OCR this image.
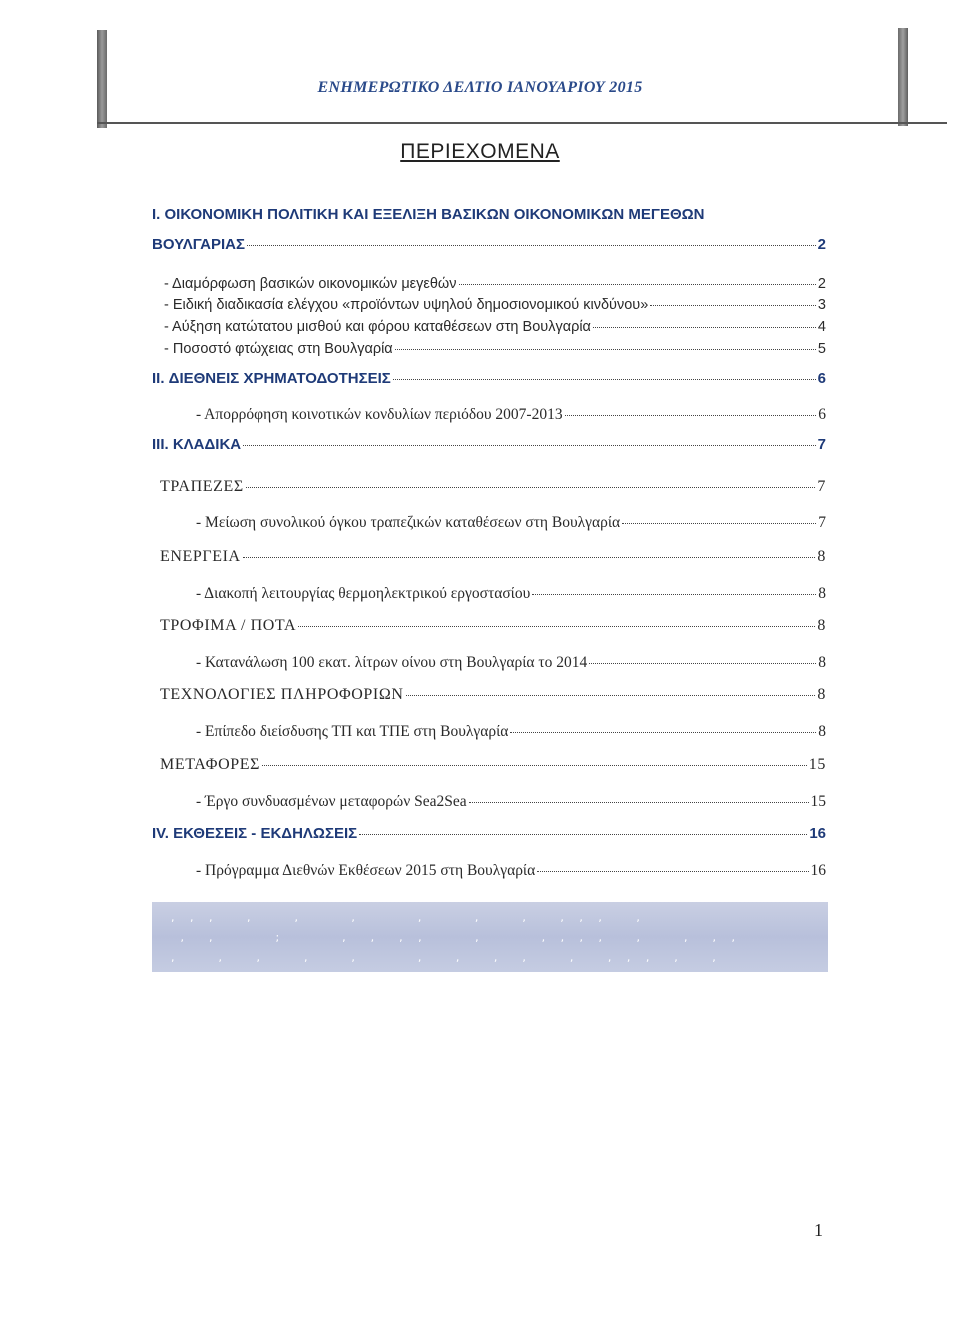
ΕΝΗΜΕΡΩΤΙΚΟ ΔΕΛΤΙΟ ΙΑΝΟΥΑΡΙΟΥ 2015
ΠΕΡΙΕΧΟΜΕΝΑ
Ι. ΟΙΚΟΝΟΜΙΚΗ ΠΟΛΙΤΙΚΗ ΚΑΙ ΕΞΕΛΙΞΗ ΒΑΣΙΚΩΝ ΟΙΚΟΝΟΜΙΚΩΝ ΜΕΓΕΘΩΝ
ΒΟΥΛΓΑΡΙΑΣ	2
- Διαμόρφωση βασικών οικονομικών μεγεθών	2
- Ειδική διαδικασία ελέγχου «προϊόντων υψηλού δημοσιονομικού κινδύνου»	3
- Αύξηση κατώτατου μισθού και φόρου καταθέσεων στη Βουλγαρία	4
- Ποσοστό φτώχειας στη Βουλγαρία	5
II. ΔΙΕΘΝΕΙΣ ΧΡΗΜΑΤΟΔΟΤΗΣΕΙΣ	6
- Απορρόφηση κοινοτικών κονδυλίων περιόδου 2007-2013	6
III. ΚΛΑΔΙΚΑ	7
ΤΡΑΠΕΖΕΣ	7
- Μείωση συνολικού όγκου τραπεζικών καταθέσεων στη Βουλγαρία	7
ΕΝΕΡΓΕΙΑ	8
- Διακοπή λειτουργίας θερμοηλεκτρικού εργοστασίου	8
ΤΡΟΦΙΜΑ / ΠΟΤΑ	8
- Κατανάλωση 100 εκατ. λίτρων οίνου στη Βουλγαρία το 2014	8
ΤΕΧΝΟΛΟΓΙΕΣ ΠΛΗΡΟΦΟΡΙΩΝ	8
- Επίπεδο διείσδυσης ΤΠ και ΤΠΕ στη Βουλγαρία	8
ΜΕΤΑΦΟΡΕΣ	15
- Έργο συνδυασμένων μεταφορών Sea2Sea	15
IV. ΕΚΘΕΣΕΙΣ - ΕΚΔΗΛΩΣΕΙΣ	16
- Πρόγραμμα Διεθνών Εκθέσεων 2015 στη Βουλγαρία	16
, , ,   ,    ,     ,      ,     ,    ,   , , ,   ,
,  ,      ;      ,  ,  , ,     ,      , , , ,   ,    ,  , ,
,    ,   ,    ,    ,      ,   ,   ,  ,    ,   , , ,  ,   ,
1
